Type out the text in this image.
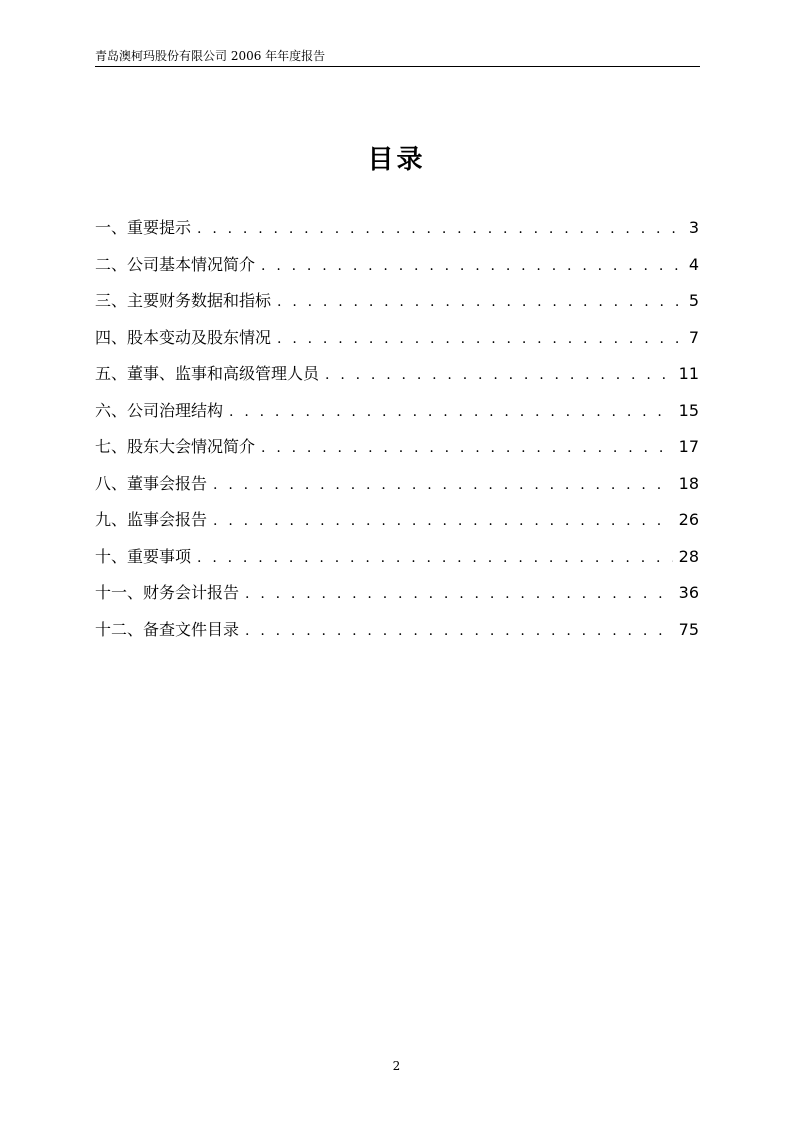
青岛澳柯玛股份有限公司 2006 年年度报告
目录
一、重要提示 . . .	3
二、公司基本情况简介 . . .	4
三、主要财务数据和指标 . . .	5
四、股本变动及股东情况 . . .	7
五、董事、监事和高级管理人员 . . .	11
六、公司治理结构 . . .	15
七、股东大会情况简介 . . .	17
八、董事会报告 . . .	18
九、监事会报告 . . .	26
十、重要事项 . . .	28
十一、财务会计报告 . . .	36
十二、备查文件目录 . . .	75
2
